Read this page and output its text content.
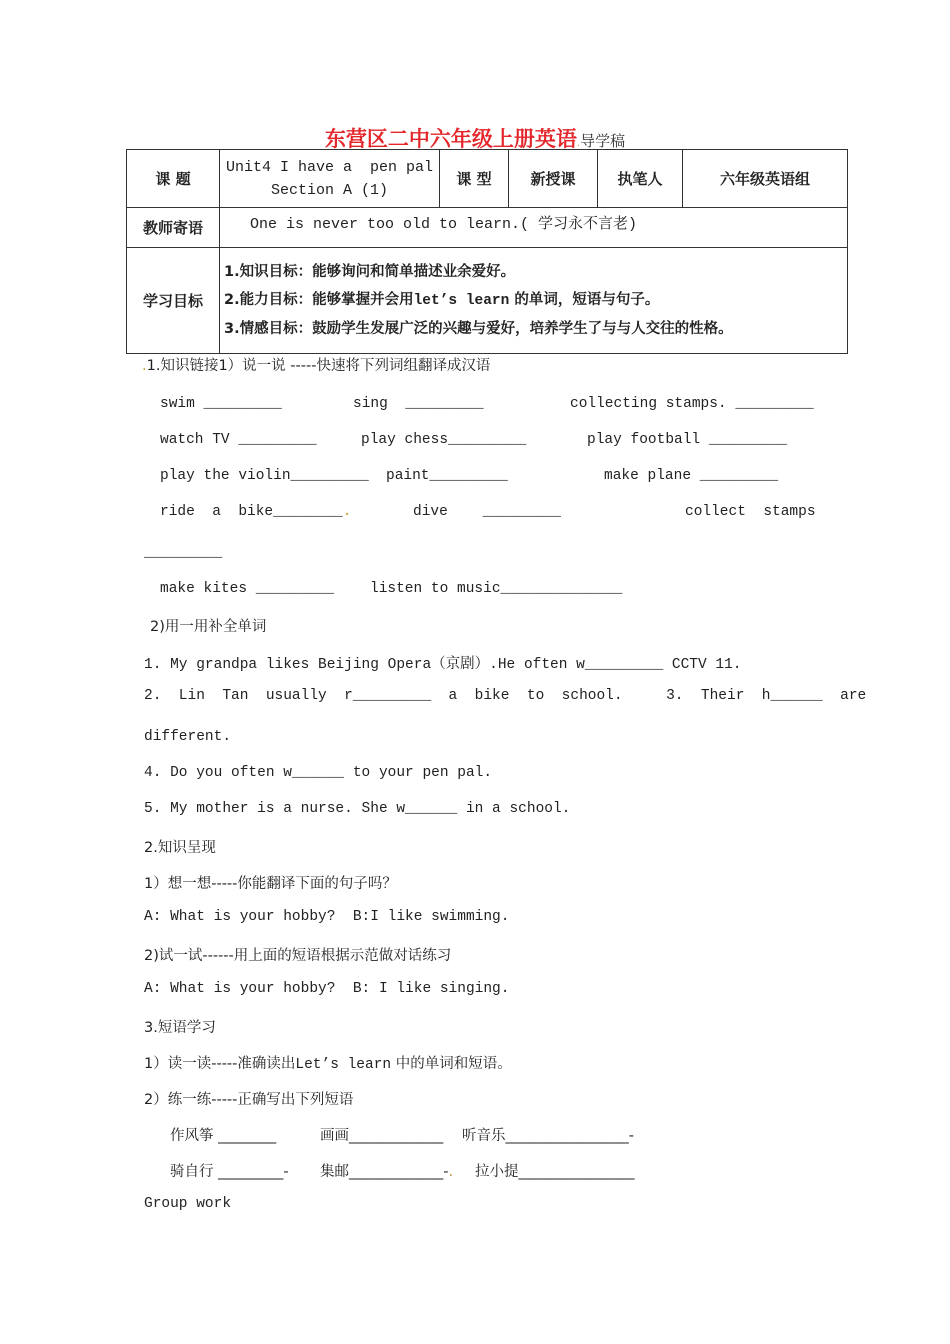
东营区二中六年级上册英语.导学稿
课 题	Unit4 I have a  pen pal
Section A (1)	课 型	新授课	执笔人	六年级英语组
教师寄语	One is never too old to learn.( 学习永不言老)				
学习目标	1.知识目标：能够询问和简单描述业余爱好。
2.能力目标：能够掌握并会用let’s learn 的单词，短语与句子。
3.情感目标：鼓励学生发展广泛的兴趣与爱好，培养学生了与与人交往的性格。				
.1.知识链接1）说一说 -----快速将下列词组翻译成汉语
swim _________	sing  _________	collecting stamps. _________
watch TV _________	play chess_________	play football _________
play the violin_________ paint_________	make plane _________
ride  a  bike________.	dive    _________	collect  stamps
_________
make kites _________ listen to music______________
2)用一用补全单词
1. My grandpa likes Beijing Opera（京剧）.He often w_________ CCTV 11.
2.  Lin  Tan  usually  r_________  a  bike  to  school.     3.  Their  h______  are
different.
4. Do you often w______ to your pen pal.
5. My mother is a nurse. She w______ in a school.
2.知识呈现
1）想一想-----你能翻译下面的句子吗？
A: What is your hobby?  B:I like swimming.
2)试一试------用上面的短语根据示范做对话练习
A: What is your hobby?  B: I like singing.
3.短语学习
1）读一读-----准确读出Let’s learn 中的单词和短语。
2）练一练-----正确写出下列短语
作风筝 ________	画画_____________ 听音乐_________________-
骑自行 _________- 集邮_____________-. 拉小提________________
Group work
